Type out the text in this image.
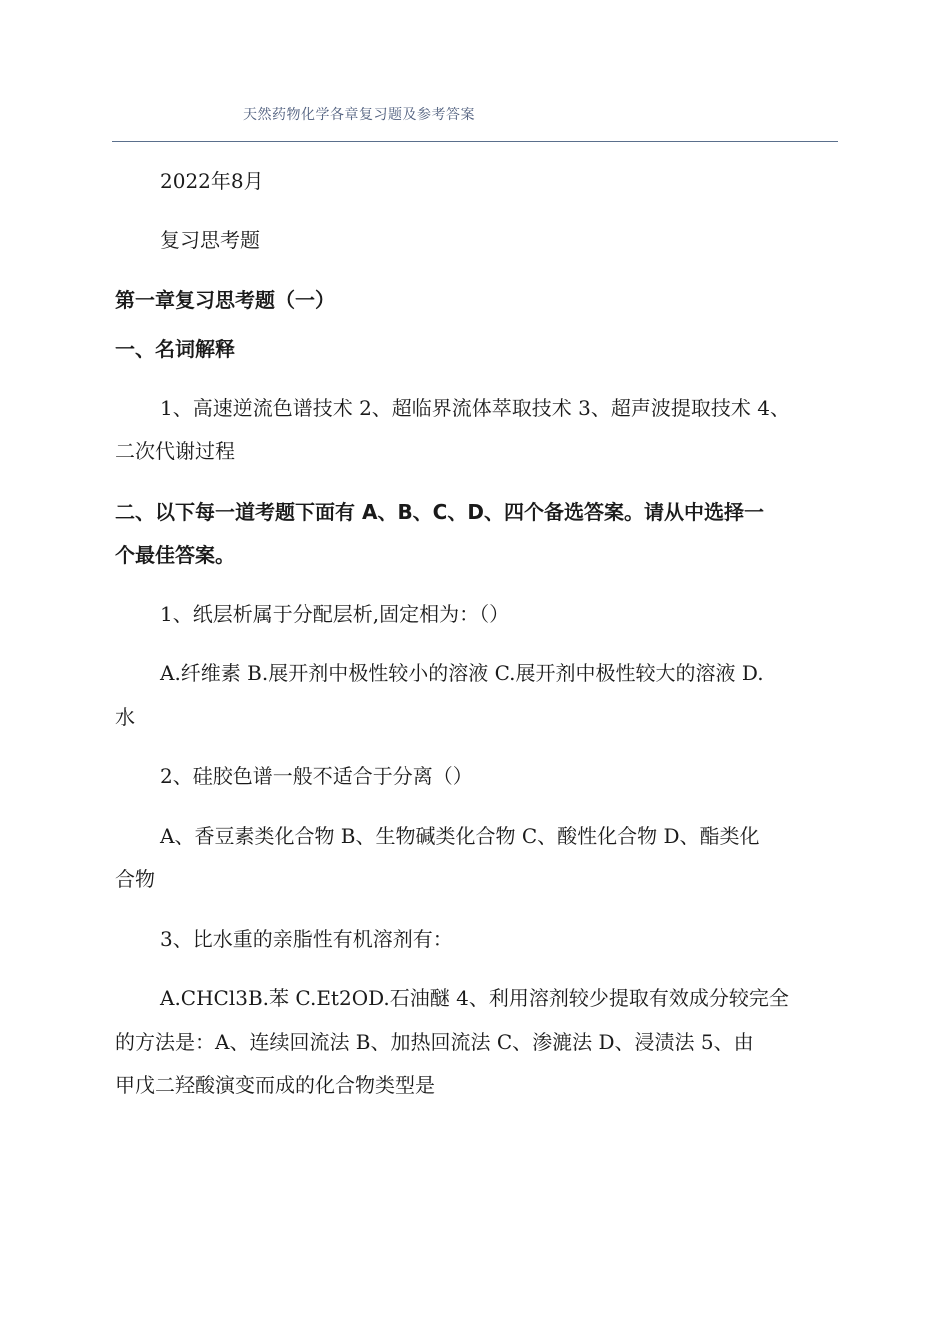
天然药物化学各章复习题及参考答案
2022年8月
复习思考题
第一章复习思考题（一）
一、名词解释
1、高速逆流色谱技术 2、超临界流体萃取技术 3、超声波提取技术 4、
二次代谢过程
二、以下每一道考题下面有 A、B、C、D、四个备选答案。请从中选择一
个最佳答案。
1、纸层析属于分配层析,固定相为：（）
A.纤维素 B.展开剂中极性较小的溶液 C.展开剂中极性较大的溶液 D.
水
2、硅胶色谱一般不适合于分离（）
A、香豆素类化合物 B、生物碱类化合物 C、酸性化合物 D、酯类化
合物
3、比水重的亲脂性有机溶剂有：
A.CHCl3B.苯 C.Et2OD.石油醚 4、利用溶剂较少提取有效成分较完全
的方法是：A、连续回流法 B、加热回流法 C、渗漉法 D、浸渍法 5、由
甲戊二羟酸演变而成的化合物类型是
